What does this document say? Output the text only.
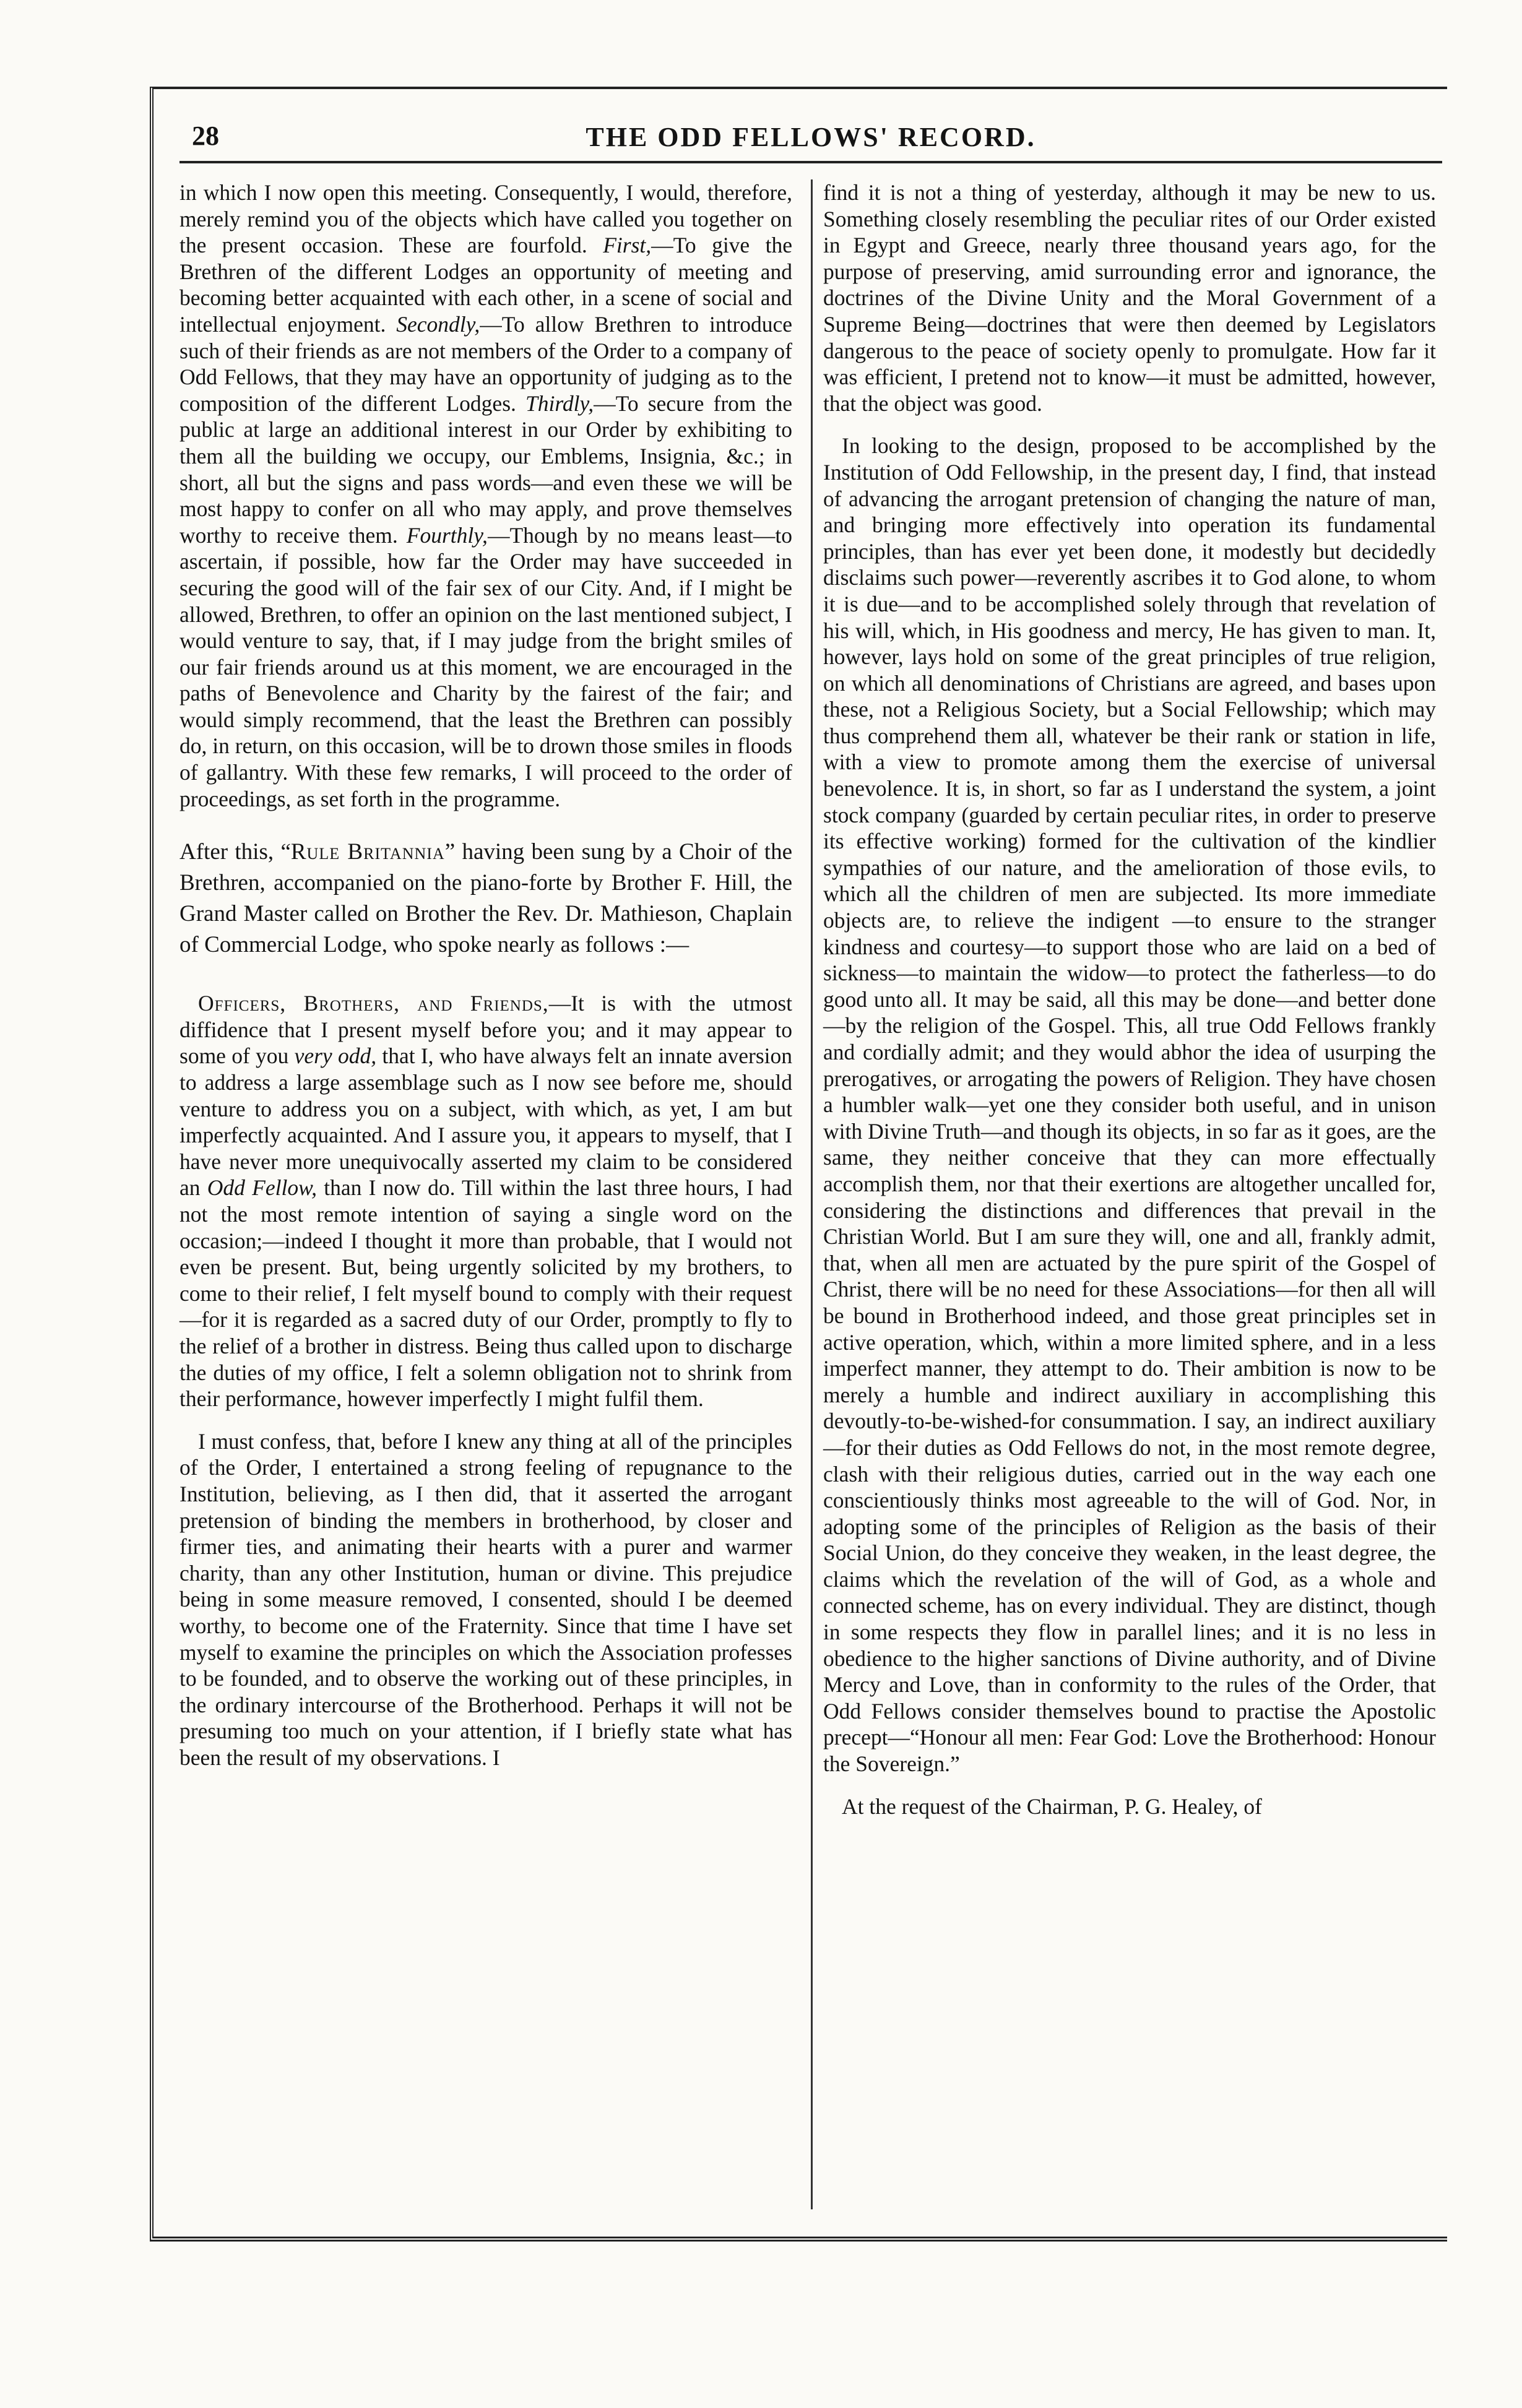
28	THE ODD FELLOWS' RECORD.

in which I now open this meeting. Consequently, I would, therefore, merely remind you of the objects which have called you together on the present occasion. These are fourfold. First,—To give the Brethren of the different Lodges an opportunity of meeting and becoming better acquainted with each other, in a scene of social and intellectual enjoyment. Secondly,—To allow Brethren to introduce such of their friends as are not members of the Order to a company of Odd Fellows, that they may have an opportunity of judging as to the composition of the different Lodges. Thirdly,—To secure from the public at large an additional interest in our Order by exhibiting to them all the building we occupy, our Emblems, Insignia, &c.; in short, all but the signs and pass words—and even these we will be most happy to confer on all who may apply, and prove themselves worthy to receive them. Fourthly,—Though by no means least—to ascertain, if possible, how far the Order may have succeeded in securing the good will of the fair sex of our City. And, if I might be allowed, Brethren, to offer an opinion on the last mentioned subject, I would venture to say, that, if I may judge from the bright smiles of our fair friends around us at this moment, we are encouraged in the paths of Benevolence and Charity by the fairest of the fair; and would simply recommend, that the least the Brethren can possibly do, in return, on this occasion, will be to drown those smiles in floods of gallantry. With these few remarks, I will proceed to the order of proceedings, as set forth in the programme.

After this, “Rule Britannia” having been sung by a Choir of the Brethren, accompanied on the piano-forte by Brother F. Hill, the Grand Master called on Brother the Rev. Dr. Mathieson, Chaplain of Commercial Lodge, who spoke nearly as follows :—

Officers, Brothers, and Friends,—It is with the utmost diffidence that I present myself before you; and it may appear to some of you very odd, that I, who have always felt an innate aversion to address a large assemblage such as I now see before me, should venture to address you on a subject, with which, as yet, I am but imperfectly acquainted. And I assure you, it appears to myself, that I have never more unequivocally asserted my claim to be considered an Odd Fellow, than I now do. Till within the last three hours, I had not the most remote intention of saying a single word on the occasion;—indeed I thought it more than probable, that I would not even be present. But, being urgently solicited by my brothers, to come to their relief, I felt myself bound to comply with their request—for it is regarded as a sacred duty of our Order, promptly to fly to the relief of a brother in distress. Being thus called upon to discharge the duties of my office, I felt a solemn obligation not to shrink from their performance, however imperfectly I might fulfil them.

I must confess, that, before I knew any thing at all of the principles of the Order, I entertained a strong feeling of repugnance to the Institution, believing, as I then did, that it asserted the arrogant pretension of binding the members in brotherhood, by closer and firmer ties, and animating their hearts with a purer and warmer charity, than any other Institution, human or divine. This prejudice being in some measure removed, I consented, should I be deemed worthy, to become one of the Fraternity. Since that time I have set myself to examine the principles on which the Association professes to be founded, and to observe the working out of these principles, in the ordinary intercourse of the Brotherhood. Perhaps it will not be presuming too much on your attention, if I briefly state what has been the result of my observations. I

find it is not a thing of yesterday, although it may be new to us. Something closely resembling the peculiar rites of our Order existed in Egypt and Greece, nearly three thousand years ago, for the purpose of preserving, amid surrounding error and ignorance, the doctrines of the Divine Unity and the Moral Government of a Supreme Being—doctrines that were then deemed by Legislators dangerous to the peace of society openly to promulgate. How far it was efficient, I pretend not to know—it must be admitted, however, that the object was good.

In looking to the design, proposed to be accomplished by the Institution of Odd Fellowship, in the present day, I find, that instead of advancing the arrogant pretension of changing the nature of man, and bringing more effectively into operation its fundamental principles, than has ever yet been done, it modestly but decidedly disclaims such power—reverently ascribes it to God alone, to whom it is due—and to be accomplished solely through that revelation of his will, which, in His goodness and mercy, He has given to man. It, however, lays hold on some of the great principles of true religion, on which all denominations of Christians are agreed, and bases upon these, not a Religious Society, but a Social Fellowship; which may thus comprehend them all, whatever be their rank or station in life, with a view to promote among them the exercise of universal benevolence. It is, in short, so far as I understand the system, a joint stock company (guarded by certain peculiar rites, in order to preserve its effective working) formed for the cultivation of the kindlier sympathies of our nature, and the amelioration of those evils, to which all the children of men are subjected. Its more immediate objects are, to relieve the indigent —to ensure to the stranger kindness and courtesy—to support those who are laid on a bed of sickness—to maintain the widow—to protect the fatherless—to do good unto all. It may be said, all this may be done—and better done—by the religion of the Gospel. This, all true Odd Fellows frankly and cordially admit; and they would abhor the idea of usurping the prerogatives, or arrogating the powers of Religion. They have chosen a humbler walk—yet one they consider both useful, and in unison with Divine Truth—and though its objects, in so far as it goes, are the same, they neither conceive that they can more effectually accomplish them, nor that their exertions are altogether uncalled for, considering the distinctions and differences that prevail in the Christian World. But I am sure they will, one and all, frankly admit, that, when all men are actuated by the pure spirit of the Gospel of Christ, there will be no need for these Associations—for then all will be bound in Brotherhood indeed, and those great principles set in active operation, which, within a more limited sphere, and in a less imperfect manner, they attempt to do. Their ambition is now to be merely a humble and indirect auxiliary in accomplishing this devoutly-to-be-wished-for consummation. I say, an indirect auxiliary—for their duties as Odd Fellows do not, in the most remote degree, clash with their religious duties, carried out in the way each one conscientiously thinks most agreeable to the will of God. Nor, in adopting some of the principles of Religion as the basis of their Social Union, do they conceive they weaken, in the least degree, the claims which the revelation of the will of God, as a whole and connected scheme, has on every individual. They are distinct, though in some respects they flow in parallel lines; and it is no less in obedience to the higher sanctions of Divine authority, and of Divine Mercy and Love, than in conformity to the rules of the Order, that Odd Fellows consider themselves bound to practise the Apostolic precept—“Honour all men: Fear God: Love the Brotherhood: Honour the Sovereign.”

At the request of the Chairman, P. G. Healey, of
